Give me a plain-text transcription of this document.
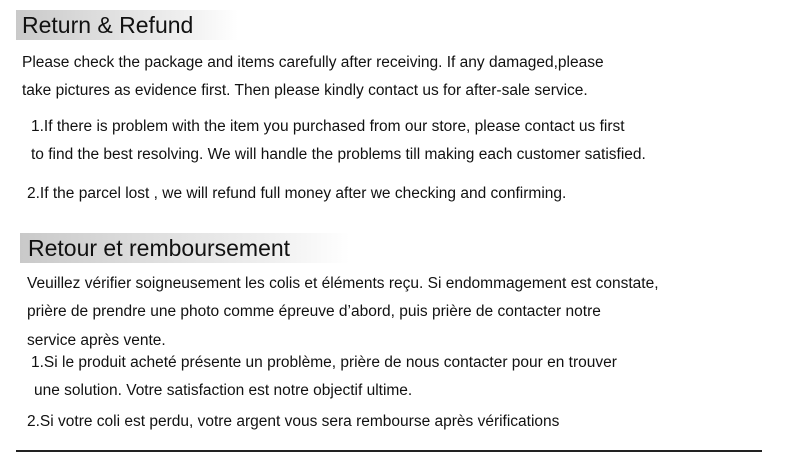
Return & Refund
Please check the package and items carefully after receiving. If any damaged,please
take pictures as evidence first. Then please kindly contact us for after-sale service.
1.If there is problem with the item you purchased from our store, please contact us first
to find the best resolving. We will handle the problems till making each customer satisfied.
2.If the parcel lost , we will refund full money after we checking and confirming.
Retour et remboursement
Veuillez vérifier soigneusement les colis et éléments reçu. Si endommagement est constate,
prière de prendre une photo comme épreuve d’abord, puis prière de contacter notre
service après vente.
1.Si le produit acheté présente un problème, prière de nous contacter pour en trouver
une solution. Votre satisfaction est notre objectif ultime.
2.Si votre coli est perdu, votre argent vous sera rembourse après vérifications
